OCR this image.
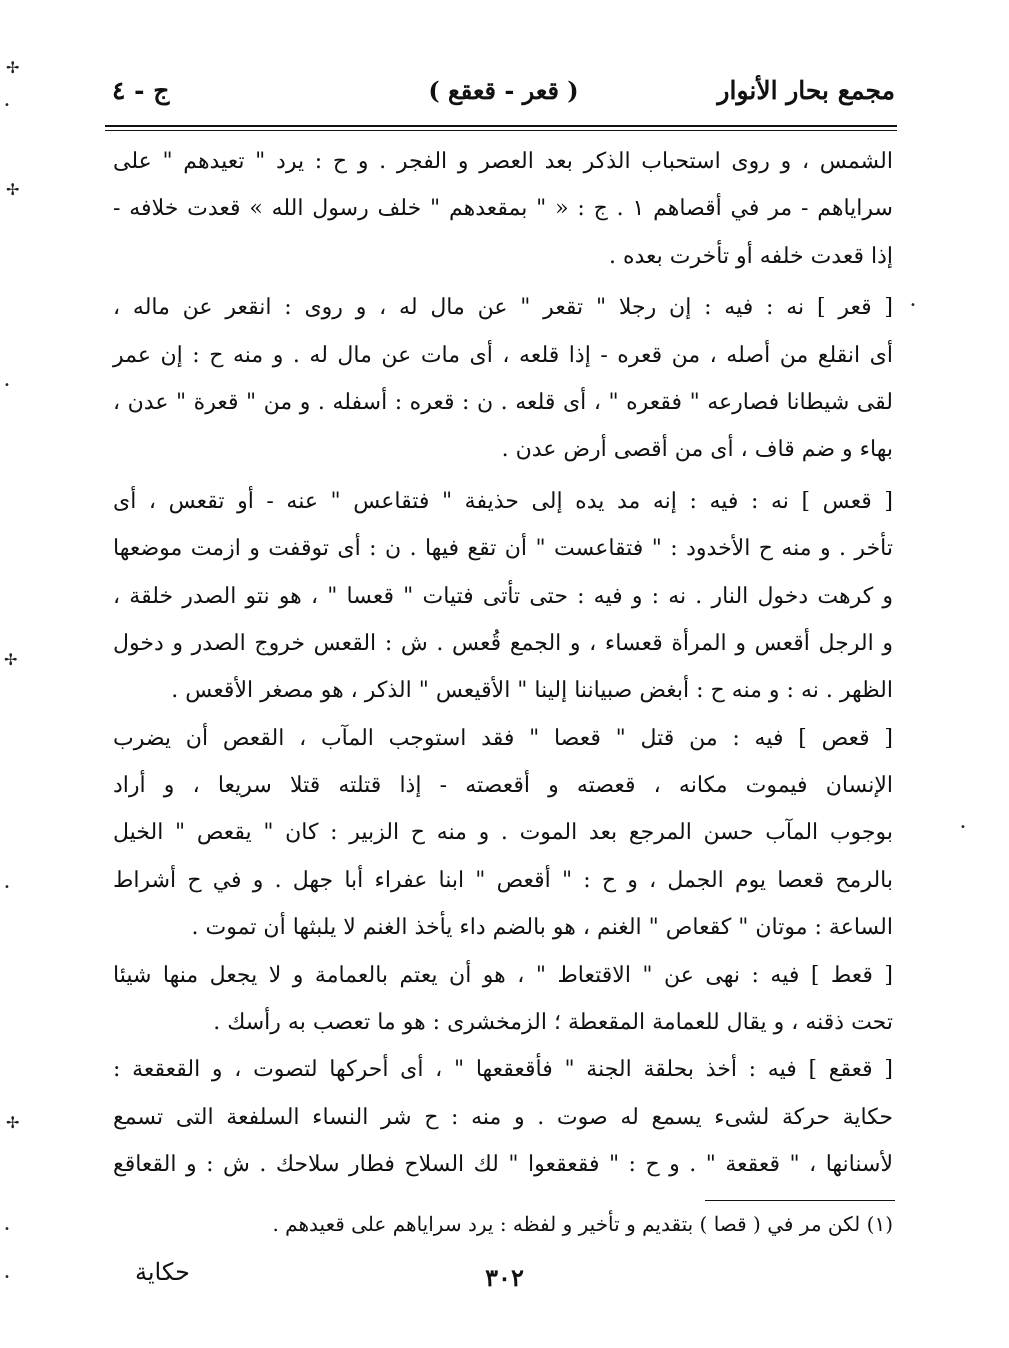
مجمع بحار الأنوار
( قعر - قعقع )
ج - ٤
الشمس ، و روى استحباب الذكر بعد العصر و الفجر . و ح : يرد " تعيدهم " على
سراياهم - مر في أقصاهم ١ . ج : « " بمقعدهم " خلف رسول الله » قعدت خلافه -
إذا قعدت خلفه أو تأخرت بعده .
[ قعر ] نه : فيه : إن رجلا " تقعر " عن مال له ، و روى : انقعر عن ماله ،
أى انقلع من أصله ، من قعره - إذا قلعه ، أى مات عن مال له . و منه ح : إن عمر
لقى شيطانا فصارعه " فقعره " ، أى قلعه . ن : قعره : أسفله . و من " قعرة " عدن ،
بهاء و ضم قاف ، أى من أقصى أرض عدن .
[ قعس ] نه : فيه : إنه مد يده إلى حذيفة " فتقاعس " عنه - أو تقعس ، أى
تأخر . و منه ح الأخدود : " فتقاعست " أن تقع فيها . ن : أى توقفت و ازمت موضعها
و كرهت دخول النار . نه : و فيه : حتى تأتى فتيات " قعسا " ، هو نتو الصدر خلقة ،
و الرجل أقعس و المرأة قعساء ، و الجمع قُعس . ش : القعس خروج الصدر و دخول
الظهر . نه : و منه ح : أبغض صبياننا إلينا " الأقيعس " الذكر ، هو مصغر الأقعس .
[ قعص ] فيه : من قتل " قعصا " فقد استوجب المآب ، القعص أن يضرب
الإنسان فيموت مكانه ، قعصته و أقعصته - إذا قتلته قتلا سريعا ، و أراد
بوجوب المآب حسن المرجع بعد الموت . و منه ح الزبير : كان " يقعص " الخيل
بالرمح قعصا يوم الجمل ، و ح : " أقعص " ابنا عفراء أبا جهل . و في ح أشراط
الساعة : موتان " كقعاص " الغنم ، هو بالضم داء يأخذ الغنم لا يلبثها أن تموت .
[ قعط ] فيه : نهى عن " الاقتعاط " ، هو أن يعتم بالعمامة و لا يجعل منها شيئا
تحت ذقنه ، و يقال للعمامة المقعطة ؛ الزمخشرى : هو ما تعصب به رأسك .
[ قعقع ] فيه : أخذ بحلقة الجنة " فأقعقعها " ، أى أحركها لتصوت ، و القعقعة :
حكاية حركة لشىء يسمع له صوت . و منه : ح شر النساء السلفعة التى تسمع
لأسنانها ، " قعقعة " . و ح : " فقعقعوا " لك السلاح فطار سلاحك . ش : و القعاقع
(١) لكن مر في ( قصا ) بتقديم و تأخير و لفظه : يرد سراياهم على قعيدهم .
حكاية	٣٠٢
✢
•
✢
•
✢
•
✢
•
•
•
•
